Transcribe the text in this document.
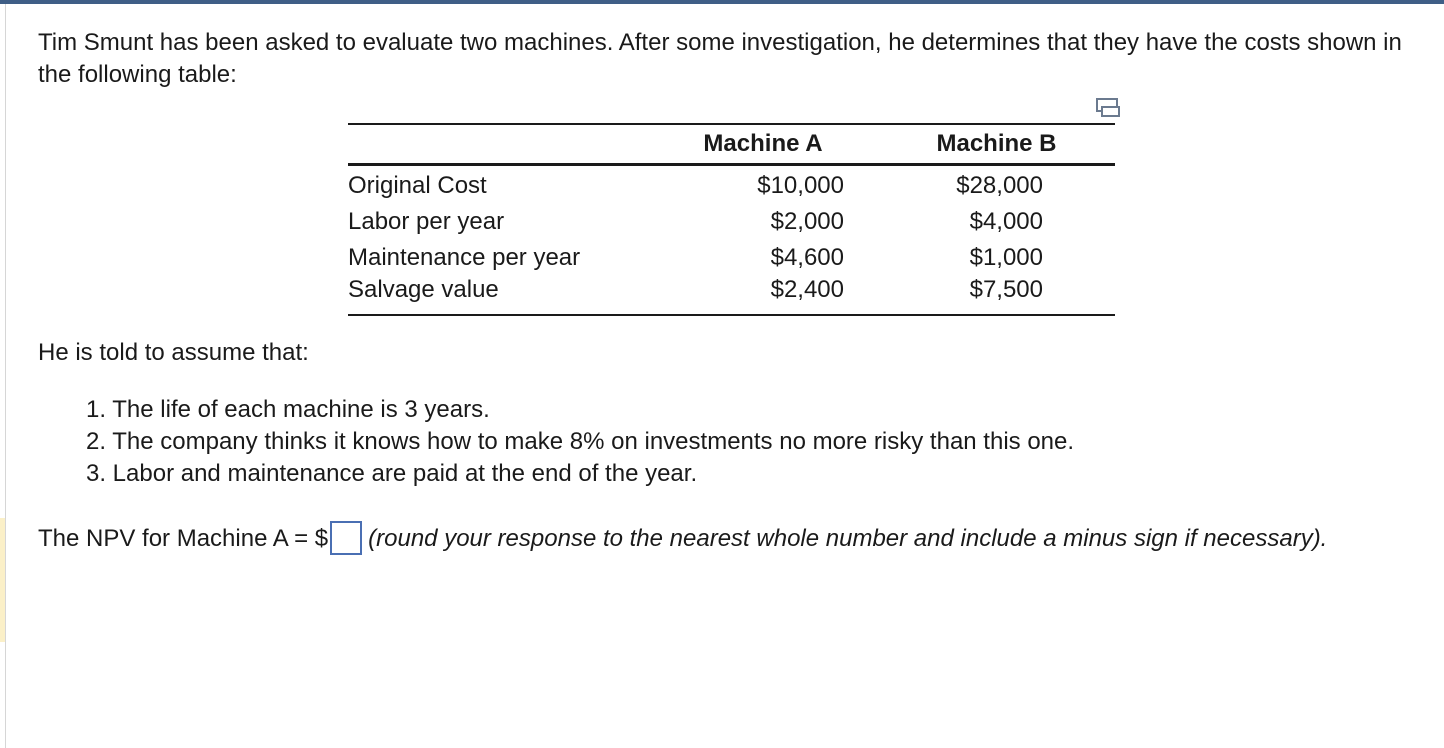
Tim Smunt has been asked to evaluate two machines. After some investigation, he determines that they have the costs shown in the following table:

	Machine A	Machine B
Original Cost	$10,000	$28,000
Labor per year	$2,000	$4,000
Maintenance per year	$4,600	$1,000
Salvage value	$2,400	$7,500

He is told to assume that:

1. The life of each machine is 3 years.
2. The company thinks it knows how to make 8% on investments no more risky than this one.
3. Labor and maintenance are paid at the end of the year.

The NPV for Machine A = $ (round your response to the nearest whole number and include a minus sign if necessary).
